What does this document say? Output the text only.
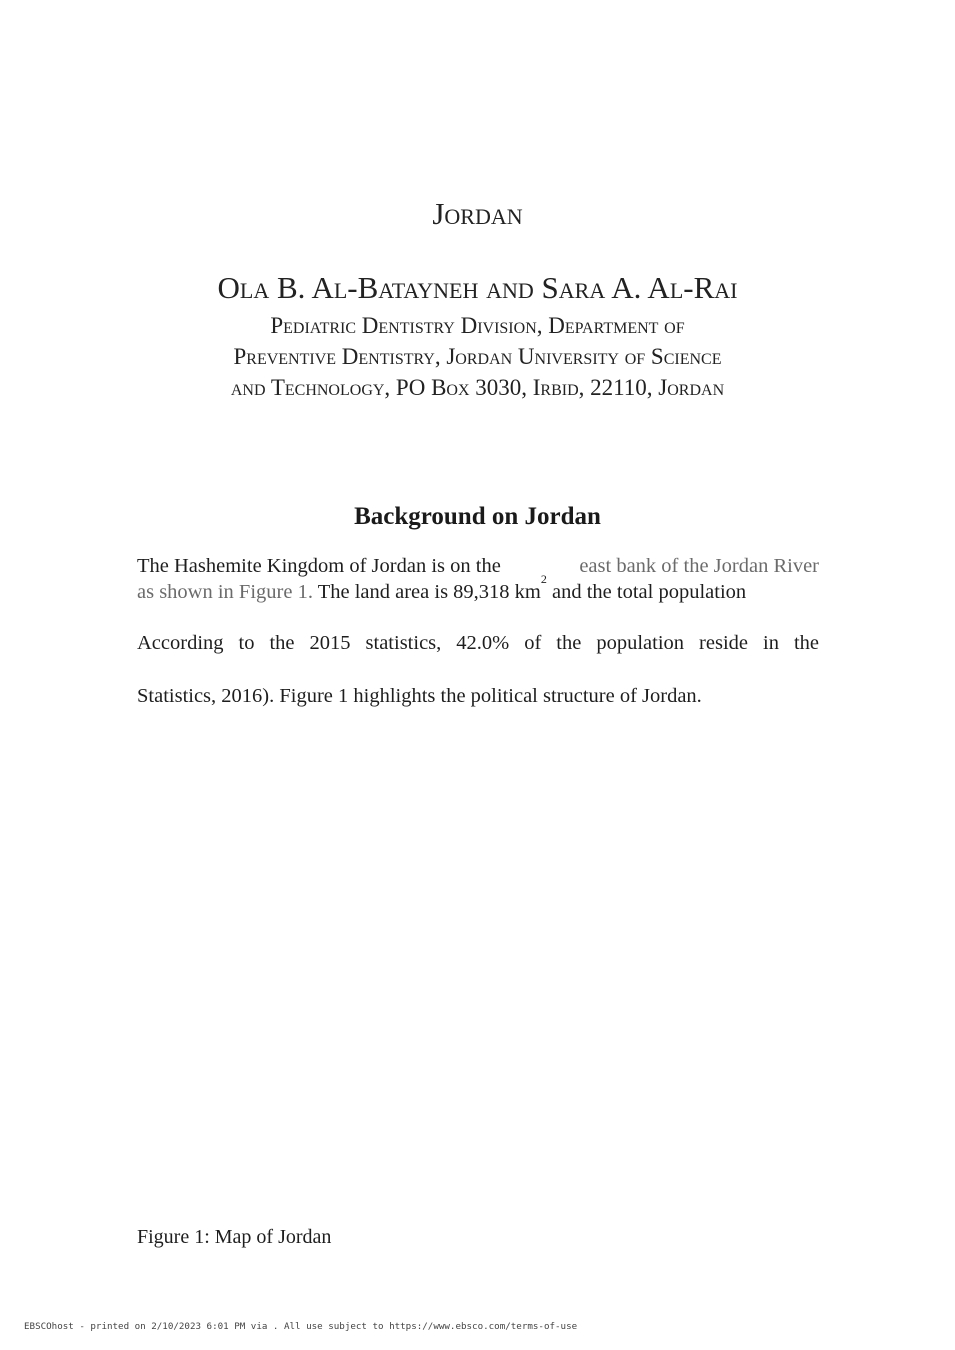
Jordan
Ola B. Al-Batayneh and Sara A. Al-Rai
Pediatric Dentistry Division, Department of
Preventive Dentistry, Jordan University of Science
and Technology, PO Box 3030, Irbid, 22110, Jordan
Background on Jordan
The Hashemite Kingdom of Jordan is on the	east bank of the Jordan River
as shown in Figure 1 . The land area is 89,318 km
2
and the total population
According to the 2015 statistics, 42.0% of the population reside in the
Statistics, 2016). Figure 1 highlights the political structure of Jordan.
Figure 1: Map of Jordan
EBSCOhost - printed on 2/10/2023 6:01 PM via . All use subject to https://www.ebsco.com/terms-of-use
